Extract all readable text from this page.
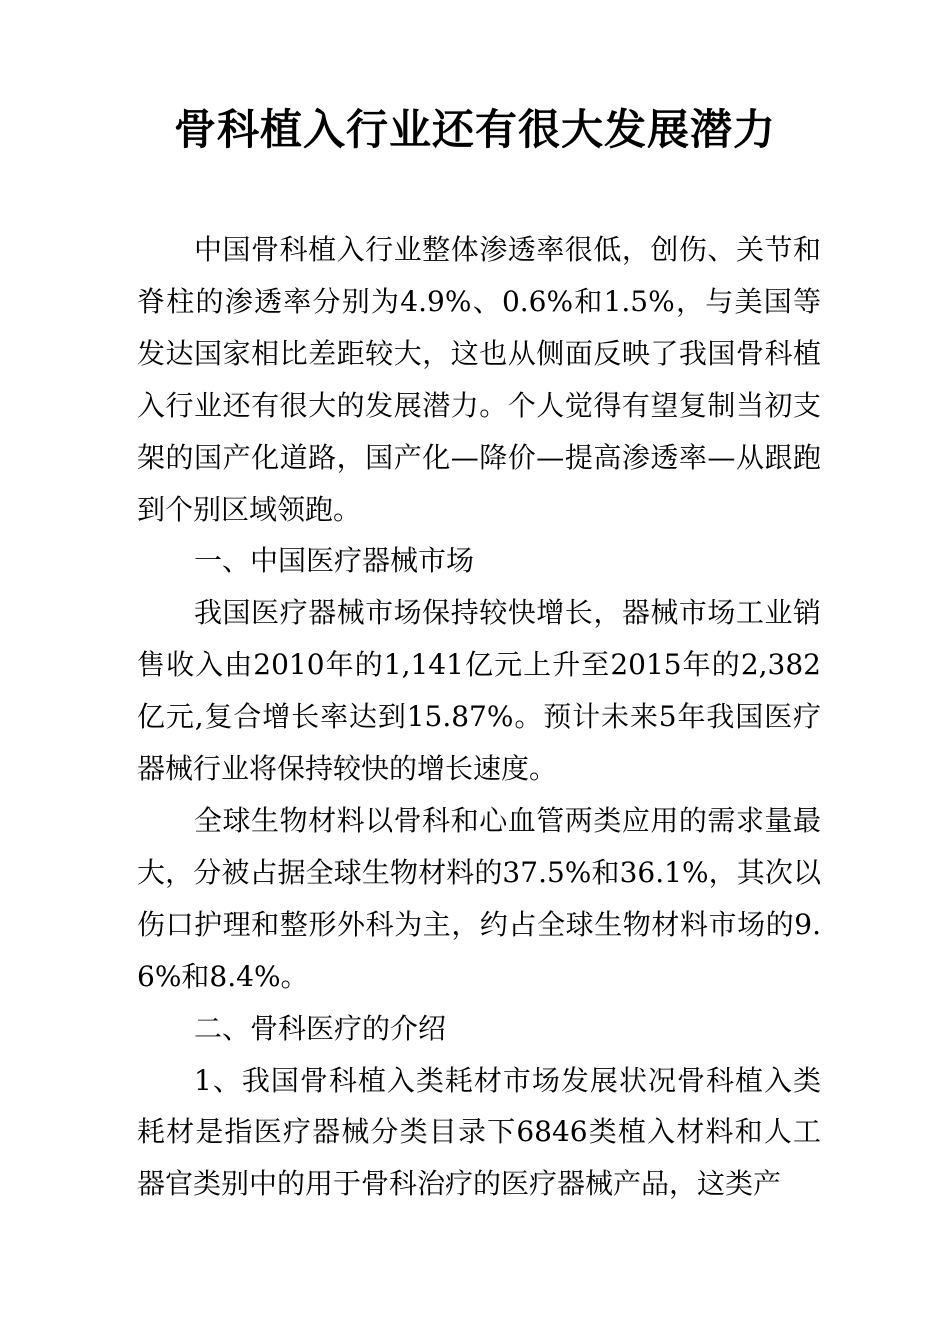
骨科植入行业还有很大发展潜力

中国骨科植入行业整体渗透率很低，创伤、关节和脊柱的渗透率分别为4.9%、0.6%和1.5%，与美国等发达国家相比差距较大，这也从侧面反映了我国骨科植入行业还有很大的发展潜力。个人觉得有望复制当初支架的国产化道路，国产化—降价—提高渗透率—从跟跑到个别区域领跑。

一、中国医疗器械市场

我国医疗器械市场保持较快增长，器械市场工业销售收入由2010年的1,141亿元上升至2015年的2,382亿元,复合增长率达到15.87%。预计未来5年我国医疗器械行业将保持较快的增长速度。

全球生物材料以骨科和心血管两类应用的需求量最大，分被占据全球生物材料的37.5%和36.1%，其次以伤口护理和整形外科为主，约占全球生物材料市场的9.6%和8.4%。

二、骨科医疗的介绍

1、我国骨科植入类耗材市场发展状况骨科植入类耗材是指医疗器械分类目录下6846类植入材料和人工器官类别中的用于骨科治疗的医疗器械产品，这类产
